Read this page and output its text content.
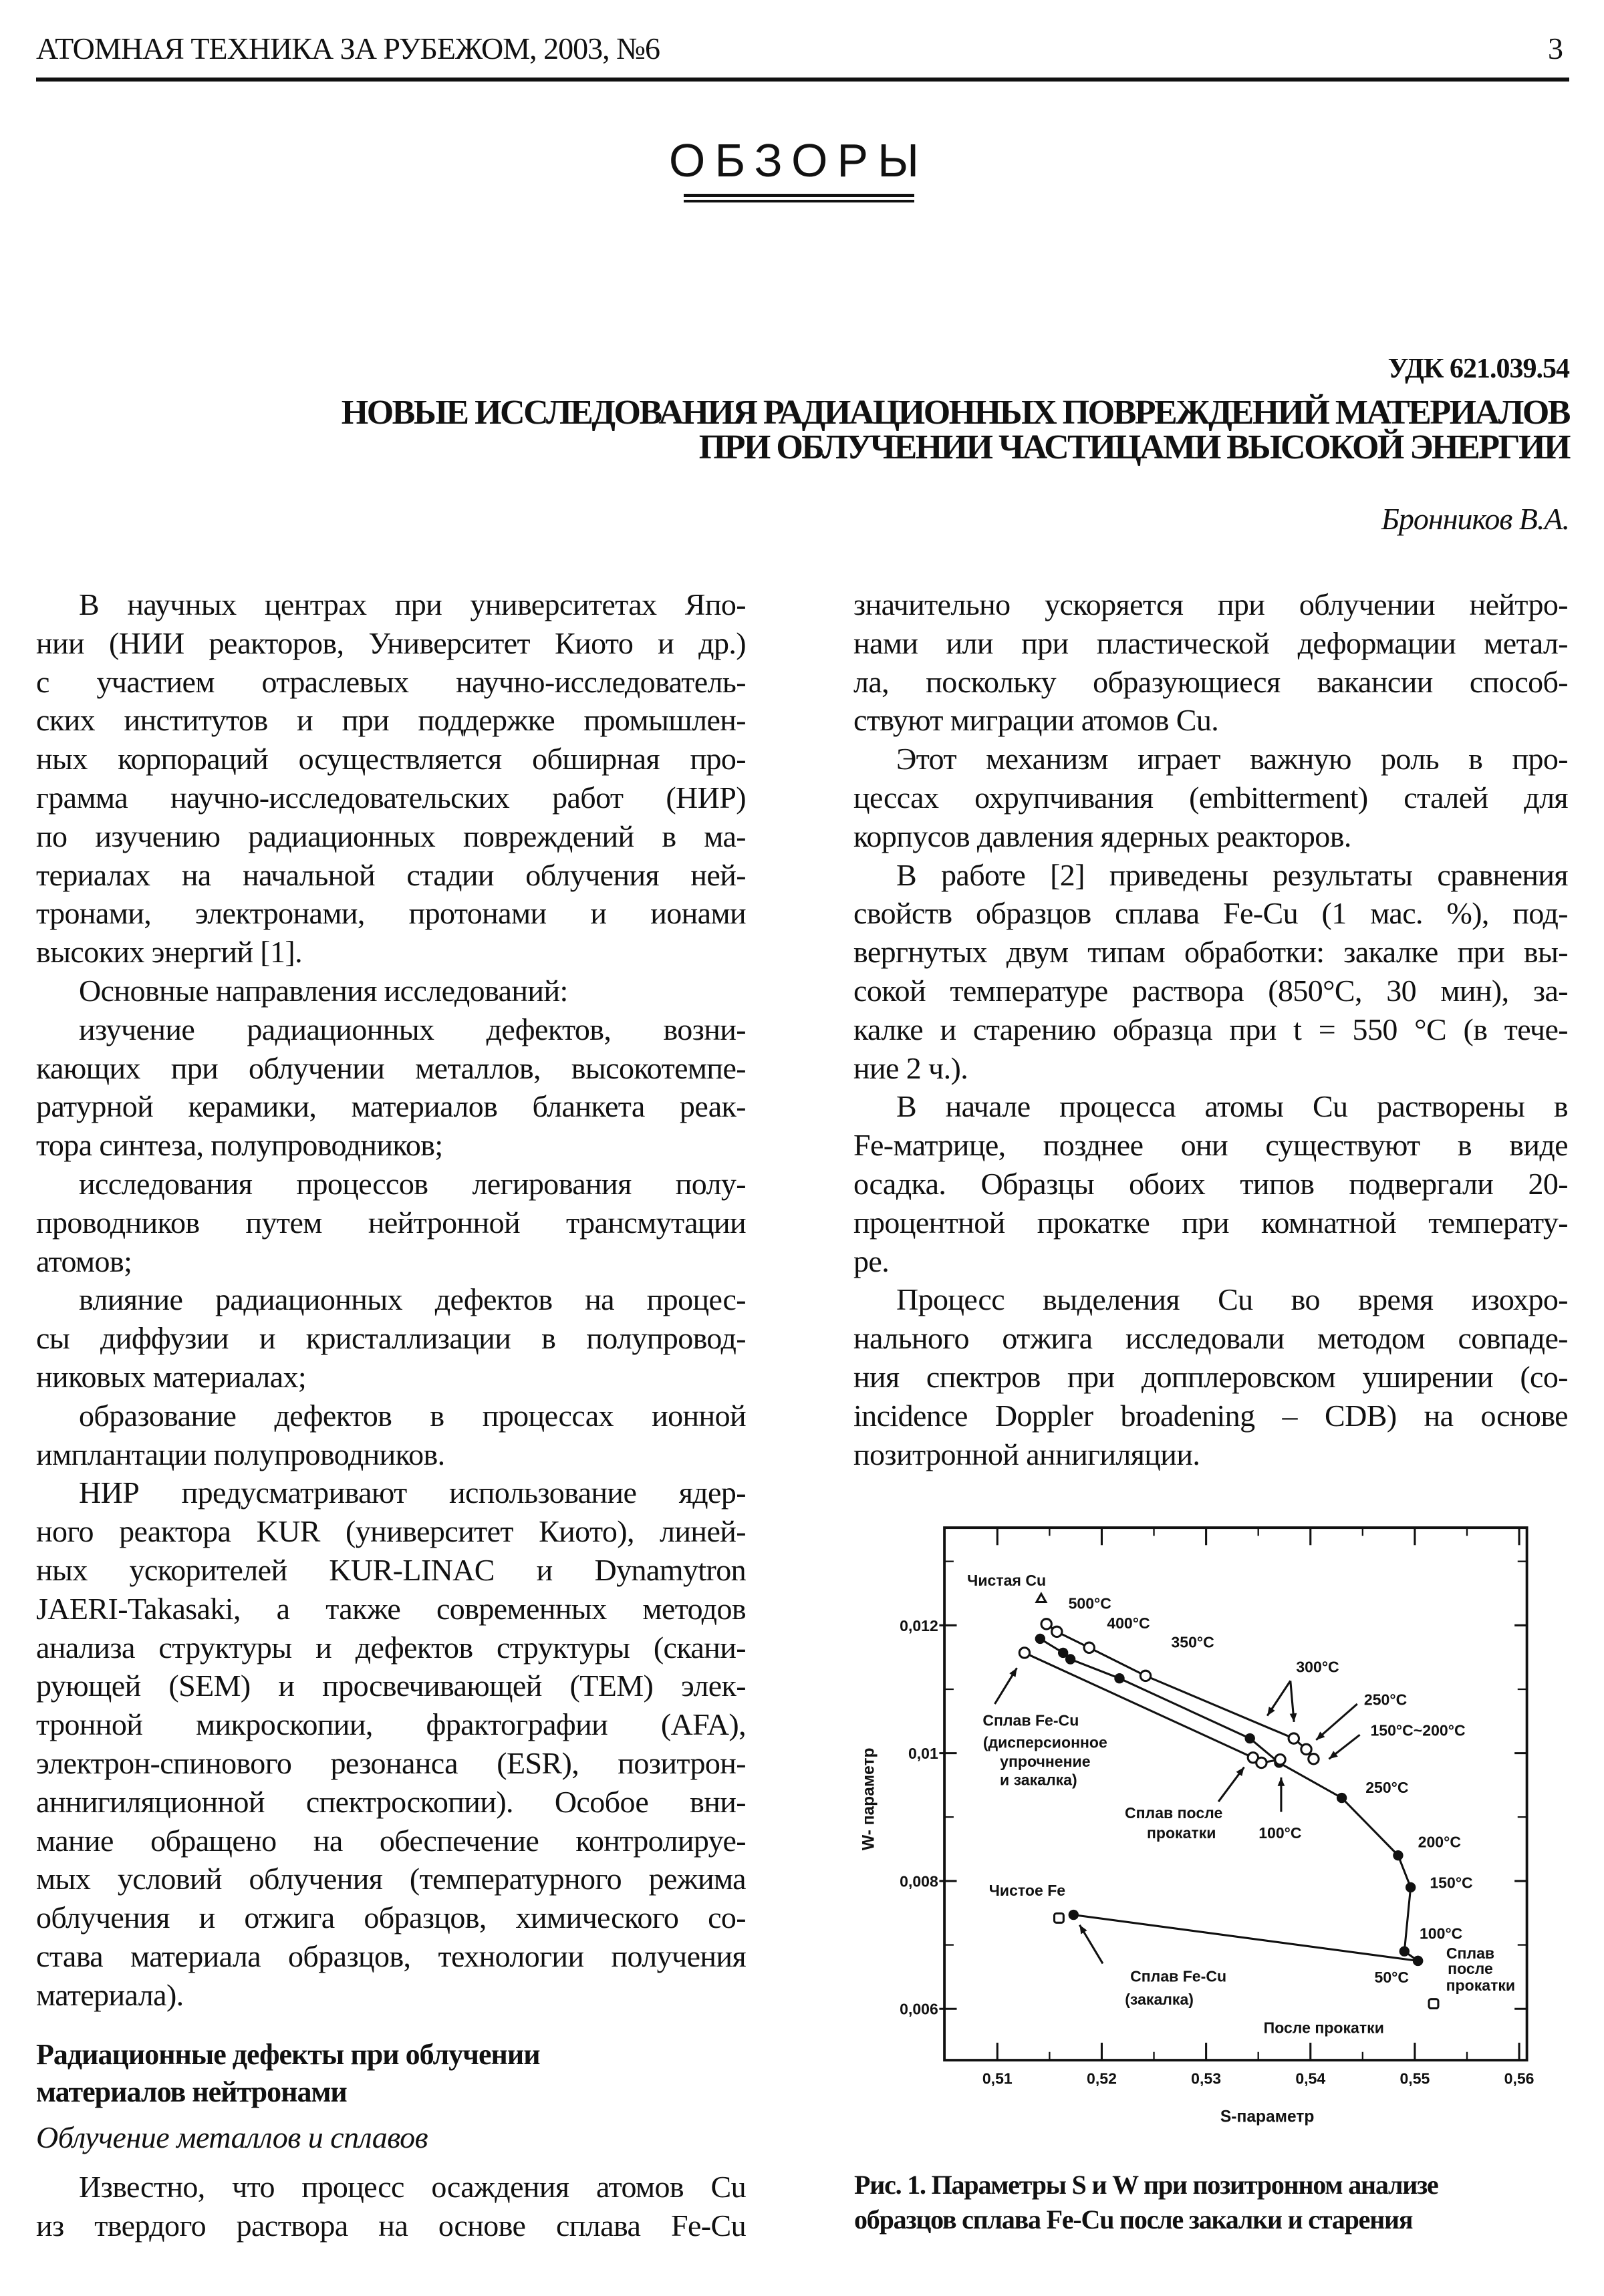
АТОМНАЯ ТЕХНИКА ЗА РУБЕЖОМ, 2003, №6	3
ОБЗОРЫ
УДК 621.039.54
НОВЫЕ ИССЛЕДОВАНИЯ РАДИАЦИОННЫХ ПОВРЕЖДЕНИЙ МАТЕРИАЛОВ
ПРИ ОБЛУЧЕНИИ ЧАСТИЦАМИ ВЫСОКОЙ ЭНЕРГИИ
Бронников В.А.
В научных центрах при университетах Япо-
нии (НИИ реакторов, Университет Киото и др.)
с участием отраслевых научно-исследователь-
ских институтов и при поддержке промышлен-
ных корпораций осуществляется обширная про-
грамма научно-исследовательских работ (НИР)
по изучению радиационных повреждений в ма-
териалах на начальной стадии облучения ней-
тронами, электронами, протонами и ионами
высоких энергий [1].
Основные направления исследований:
изучение радиационных дефектов, возни-
кающих при облучении металлов, высокотемпе-
ратурной керамики, материалов бланкета реак-
тора синтеза, полупроводников;
исследования процессов легирования полу-
проводников путем нейтронной трансмутации
атомов;
влияние радиационных дефектов на процес-
сы диффузии и кристаллизации в полупровод-
никовых материалах;
образование дефектов в процессах ионной
имплантации полупроводников.
НИР предусматривают использование ядер-
ного реактора KUR (университет Киото), линей-
ных ускорителей KUR-LINAC и Dynamytron
JAERI-Takasaki, а также современных методов
анализа структуры и дефектов структуры (скани-
рующей (SEM) и просвечивающей (TEM) элек-
тронной микроскопии, фрактографии (AFA),
электрон-спинового резонанса (ESR), позитрон-
аннигиляционной спектроскопии). Особое вни-
мание обращено на обеспечение контролируе-
мых условий облучения (температурного режима
облучения и отжига образцов, химического со-
става материала образцов, технологии получения
материала).
значительно ускоряется при облучении нейтро-
нами или при пластической деформации метал-
ла, поскольку образующиеся вакансии способ-
ствуют миграции атомов Cu.
Этот механизм играет важную роль в про-
цессах охрупчивания (embitterment) сталей для
корпусов давления ядерных реакторов.
В работе [2] приведены результаты сравнения
свойств образцов сплава Fe-Cu (1 мас. %), под-
вергнутых двум типам обработки: закалке при вы-
сокой температуре раствора (850°C, 30 мин), за-
калке и старению образца при t = 550 °C (в тече-
ние 2 ч.).
В начале процесса атомы Cu растворены в
Fe-матрице, позднее они существуют в виде
осадка. Образцы обоих типов подвергали 20-
процентной прокатке при комнатной температу-
ре.
Процесс выделения Cu во время изохро-
нального отжига исследовали методом совпаде-
ния спектров при допплеровском уширении (co-
incidence Doppler broadening – CDB) на основе
позитронной аннигиляции.
Радиационные дефекты при облучении
материалов нейтронами
Облучение металлов и сплавов
Известно, что процесс осаждения атомов Cu
из твердого раствора на основе сплава Fe-Cu
0,51	0,52	0,53	0,54	0,55	0,56
0,006
0,008
0,01
0,012
Чистая Cu
500°C
400°C
350°C
300°C
250°C
150°C~200°C
Сплав Fe-Cu
(дисперсионное
упрочнение
и закалка)	250°C
Сплав после
прокатки 100°C
200°C
150°C
Чистое Fe
100°C
Сплав
после
прокатки
50°C
Сплав Fe-Cu
(закалка)
После прокатки
S-параметр
W- параметр
Рис. 1. Параметры S и W при позитронном анализе
образцов сплава Fe-Cu после закалки и старения
